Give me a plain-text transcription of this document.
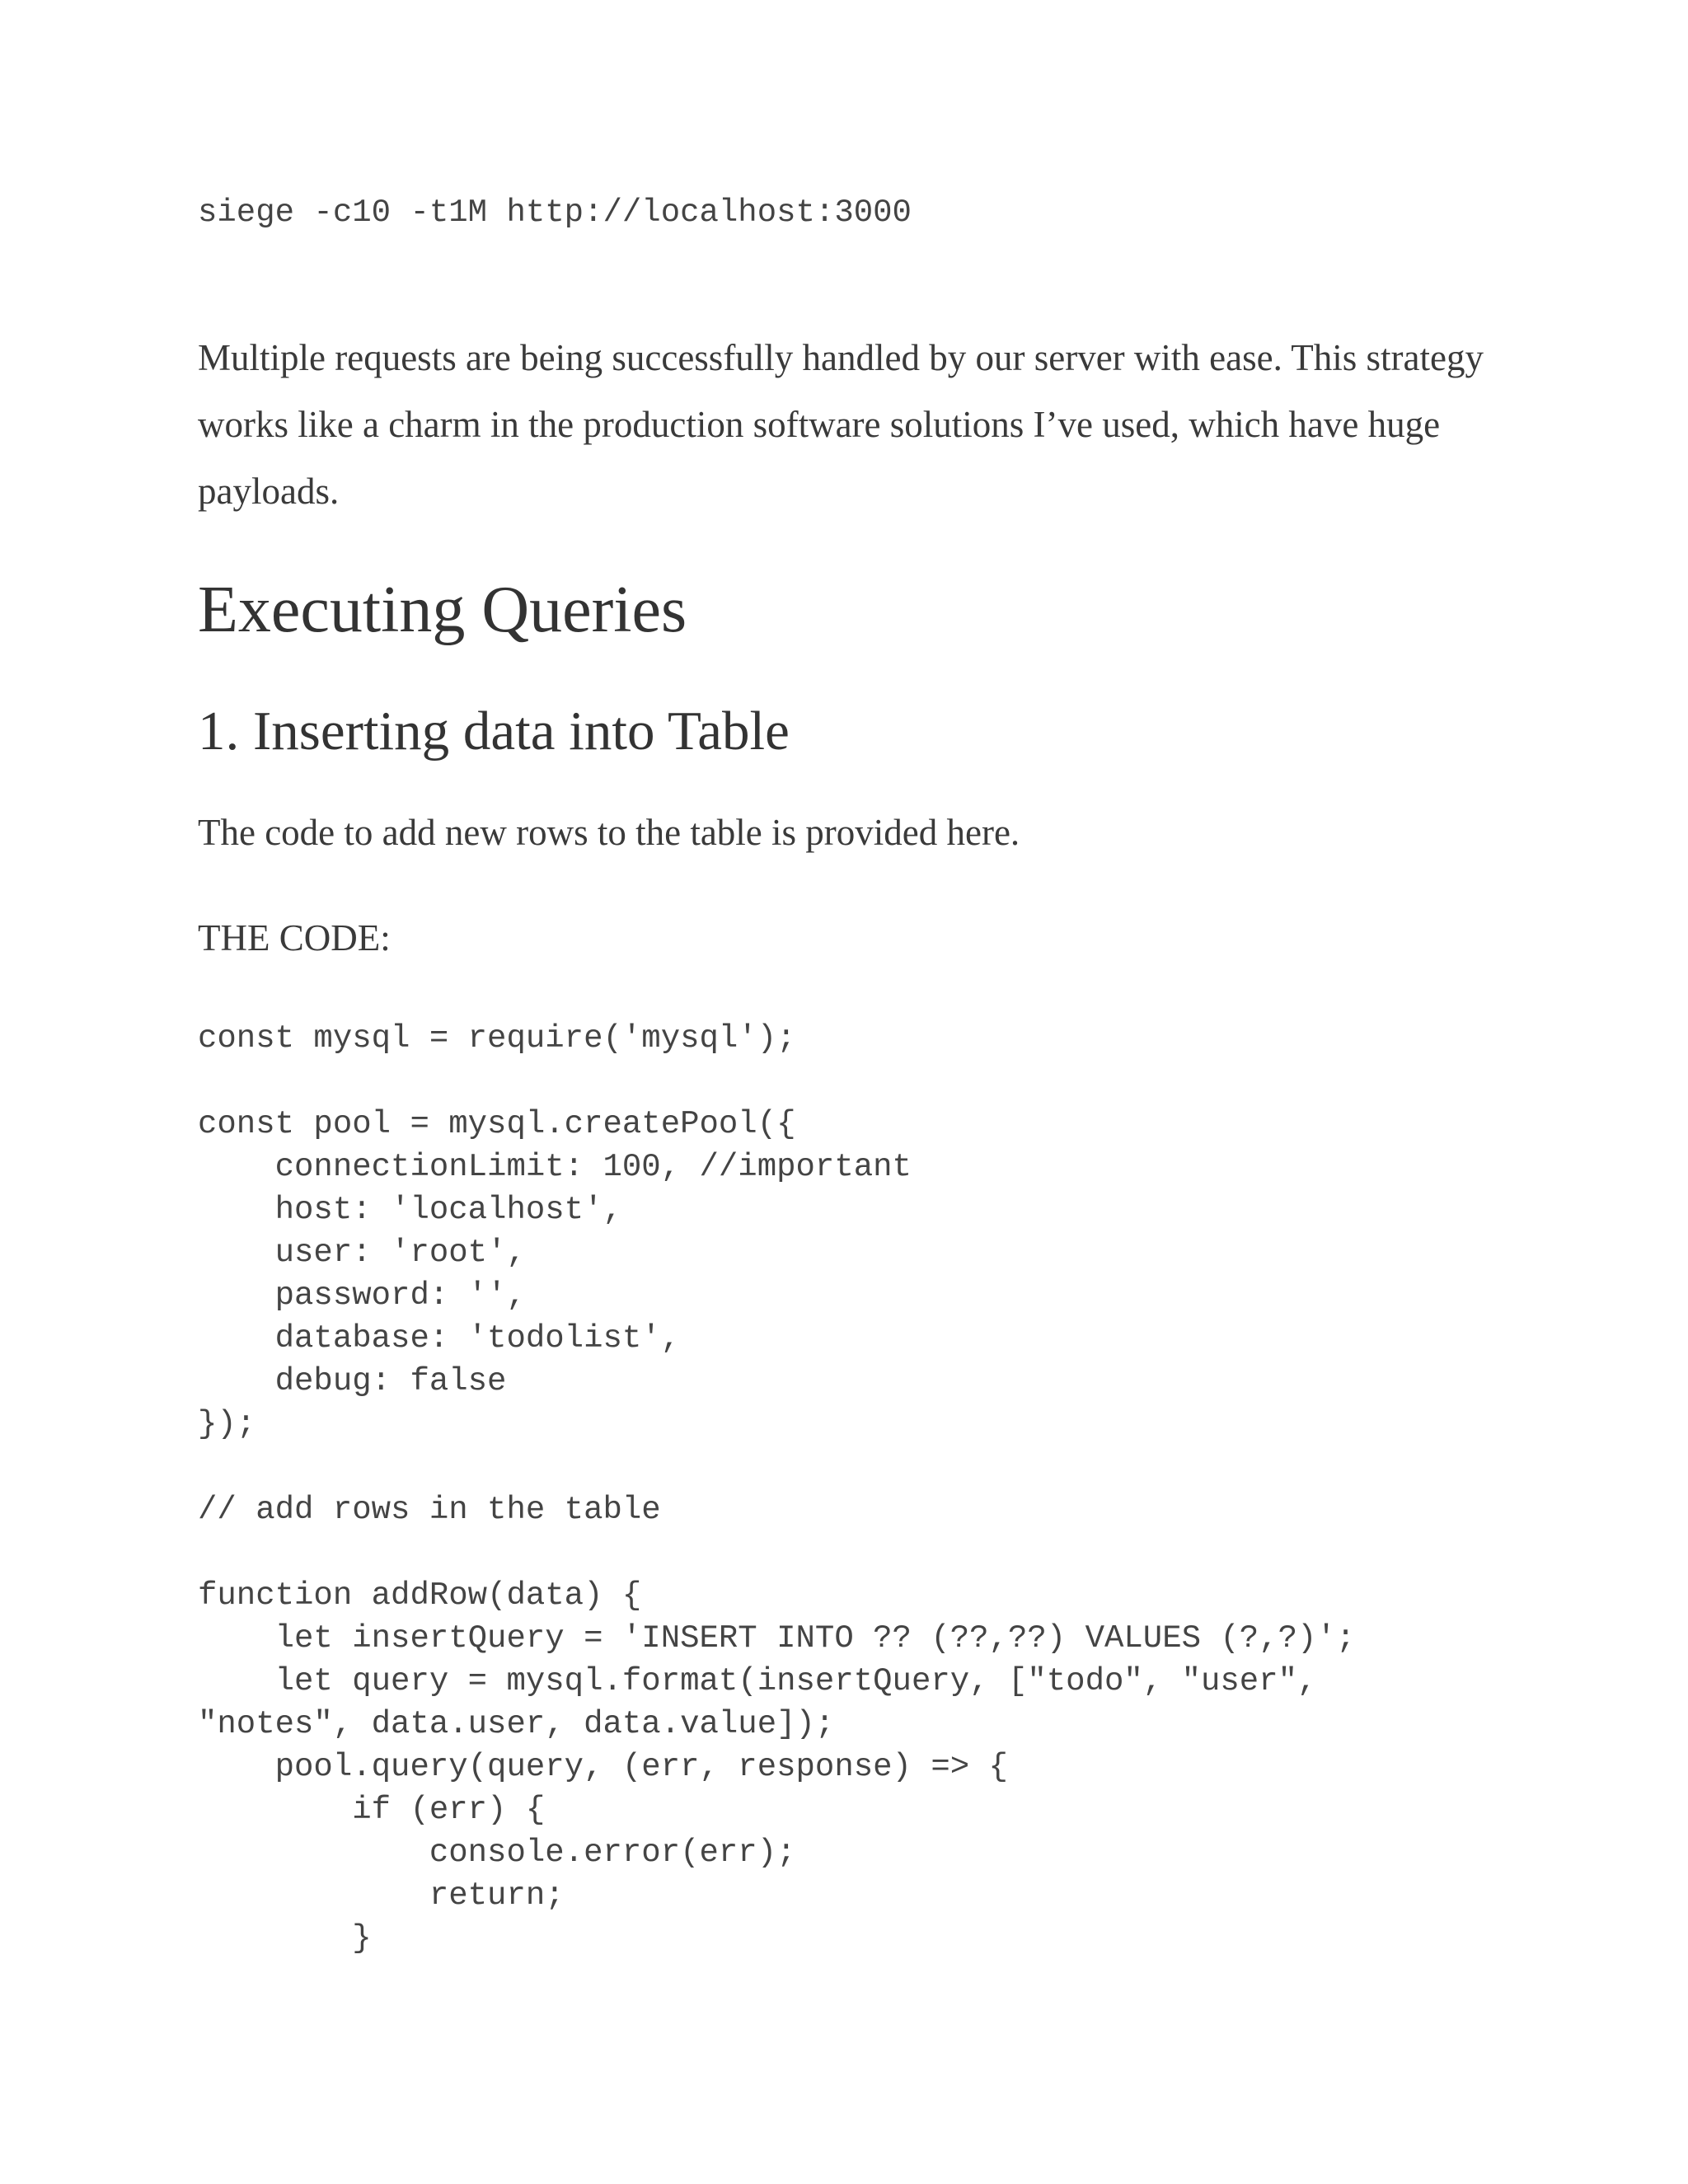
siege -c10 -t1M http://localhost:3000

Multiple requests are being successfully handled by our server with ease. This strategy works like a charm in the production software solutions I’ve used, which have huge payloads.

Executing Queries
1. Inserting data into Table

The code to add new rows to the table is provided here.

THE CODE:

const mysql = require('mysql');
const pool = mysql.createPool({
connectionLimit: 100, //important
host: 'localhost',
user: 'root',
password: '',
database: 'todolist',
debug: false
});
// add rows in the table
function addRow(data) {
let insertQuery = 'INSERT INTO ?? (??,??) VALUES (?,?)';
let query = mysql.format(insertQuery, ["todo", "user",
"notes", data.user, data.value]);
pool.query(query, (err, response) => {
if (err) {
console.error(err);
return;
}
